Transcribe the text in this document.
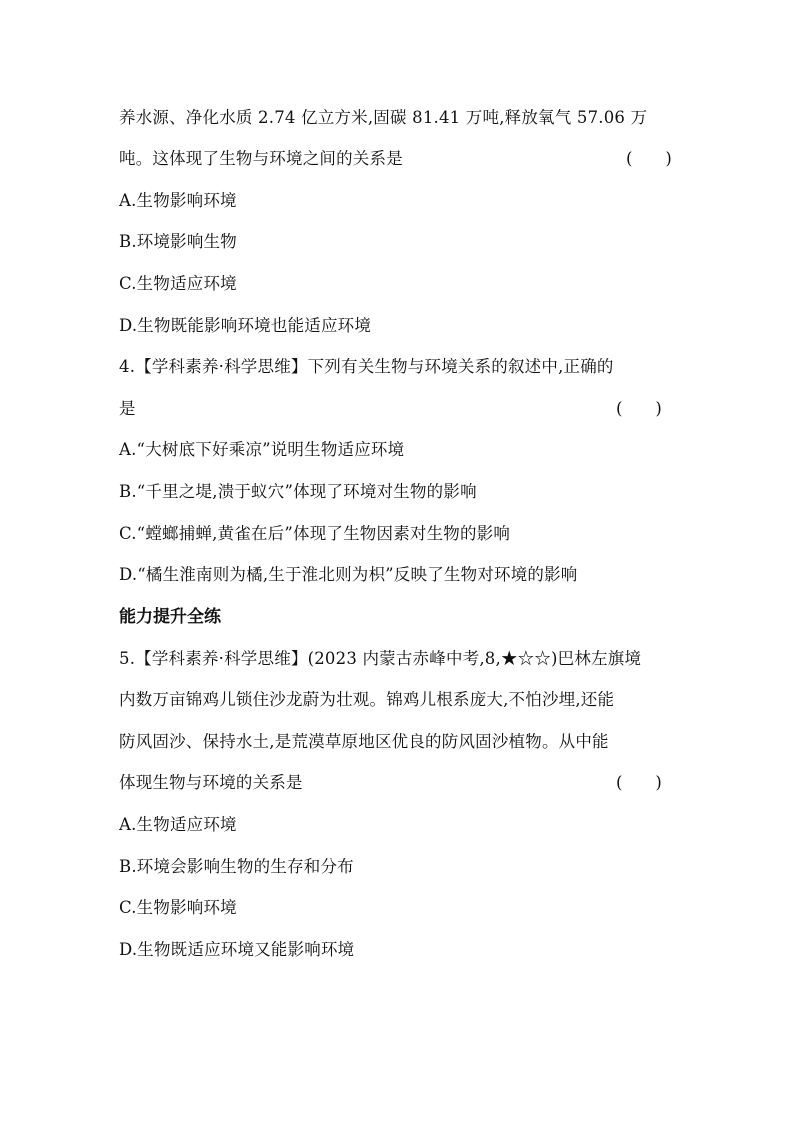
养水源、净化水质 2.74 亿立方米,固碳 81.41 万吨,释放氧气 57.06 万
吨。这体现了生物与环境之间的关系是	(　　)
A.生物影响环境
B.环境影响生物
C.生物适应环境
D.生物既能影响环境也能适应环境
4.【学科素养·科学思维】下列有关生物与环境关系的叙述中,正确的
是	(　　)
A.“大树底下好乘凉”说明生物适应环境
B.“千里之堤,溃于蚁穴”体现了环境对生物的影响
C.“螳螂捕蝉,黄雀在后”体现了生物因素对生物的影响
D.“橘生淮南则为橘,生于淮北则为枳”反映了生物对环境的影响
能力提升全练
5.【学科素养·科学思维】(2023 内蒙古赤峰中考,8,★☆☆)巴林左旗境
内数万亩锦鸡儿锁住沙龙蔚为壮观。锦鸡儿根系庞大,不怕沙埋,还能
防风固沙、保持水土,是荒漠草原地区优良的防风固沙植物。从中能
体现生物与环境的关系是	(　　)
A.生物适应环境
B.环境会影响生物的生存和分布
C.生物影响环境
D.生物既适应环境又能影响环境
